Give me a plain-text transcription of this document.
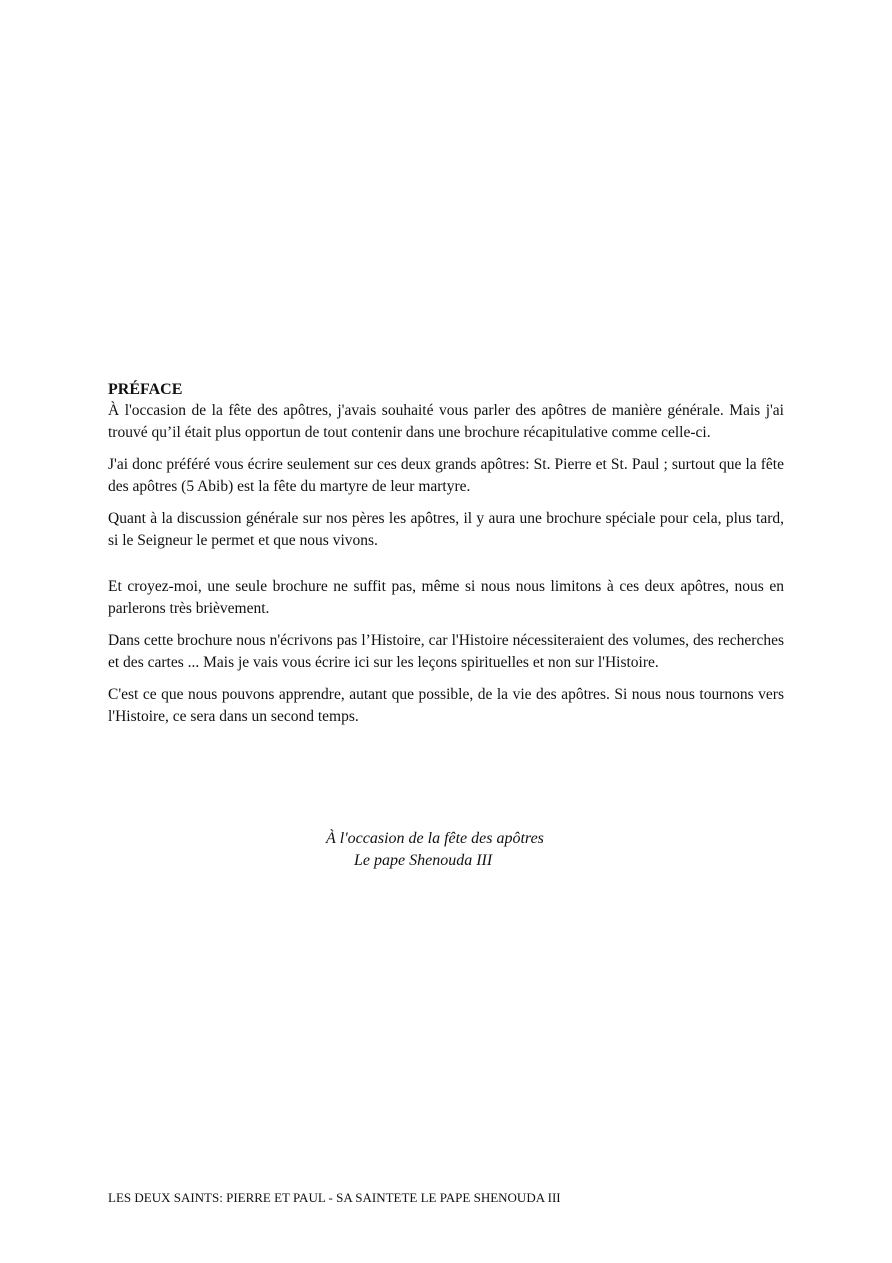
PRÉFACE

À l'occasion de la fête des apôtres, j'avais souhaité vous parler des apôtres de manière générale. Mais j'ai trouvé qu’il était plus opportun de tout contenir dans une brochure récapitulative comme celle-ci.

J'ai donc préféré vous écrire seulement sur ces deux grands apôtres: St. Pierre et St. Paul ; surtout que la fête des apôtres (5 Abib) est la fête du martyre de leur martyre.

Quant à la discussion générale sur nos pères les apôtres, il y aura une brochure spéciale pour cela, plus tard, si le Seigneur le permet et que nous vivons.

Et croyez-moi, une seule brochure ne suffit pas, même si nous nous limitons à ces deux apôtres, nous en parlerons très brièvement.

Dans cette brochure nous n'écrivons pas l’Histoire, car l'Histoire nécessiteraient des volumes, des recherches et des cartes ... Mais je vais vous écrire ici sur les leçons spirituelles et non sur l'Histoire.

C'est ce que nous pouvons apprendre, autant que possible, de la vie des apôtres. Si nous nous tournons vers l'Histoire, ce sera dans un second temps.

À l'occasion de la fête des apôtres
Le pape Shenouda III
LES DEUX SAINTS: PIERRE ET PAUL - SA SAINTETE LE PAPE SHENOUDA III
